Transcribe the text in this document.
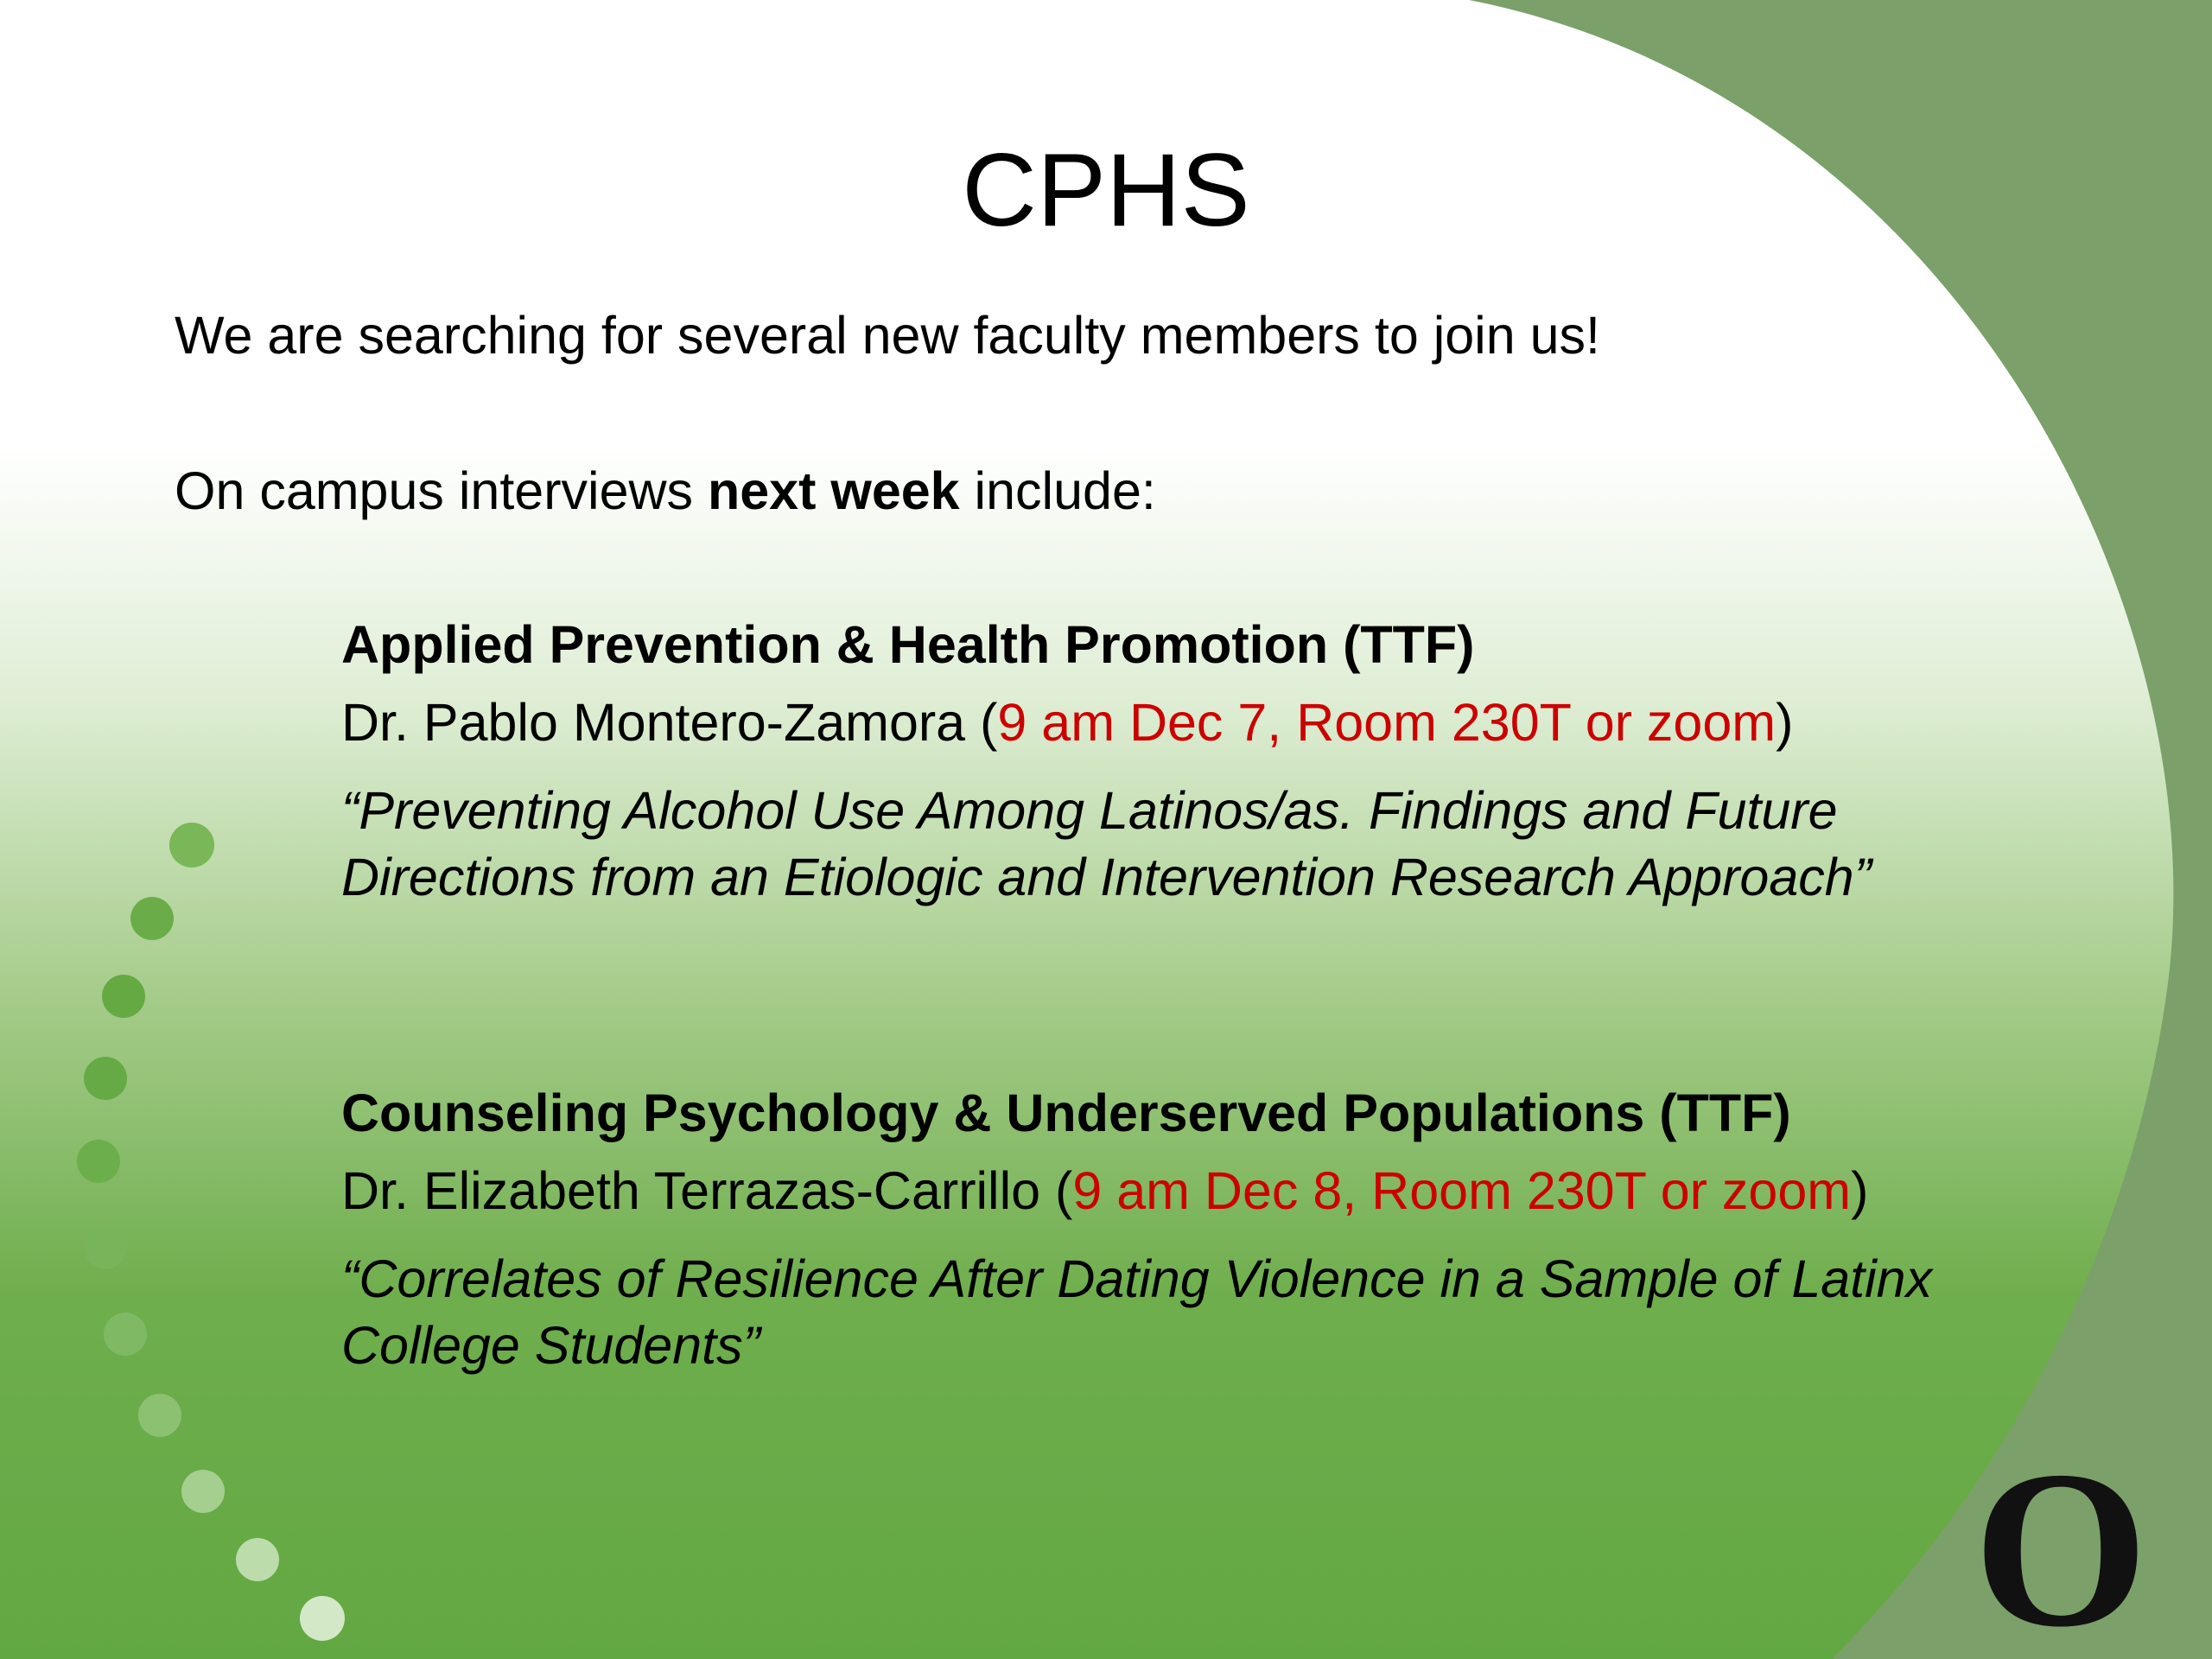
O
CPHS
We are searching for several new faculty members to join us!
On campus interviews next week include:
Applied Prevention & Health Promotion (TTF)
Dr. Pablo Montero-Zamora (9 am Dec 7, Room 230T or zoom)
“Preventing Alcohol Use Among Latinos/as. Findings and Future
Directions from an Etiologic and Intervention Research Approach”
Counseling Psychology & Underserved Populations (TTF)
Dr. Elizabeth Terrazas-Carrillo (9 am Dec 8, Room 230T or zoom)
“Correlates of Resilience After Dating Violence in a Sample of Latinx
College Students”
